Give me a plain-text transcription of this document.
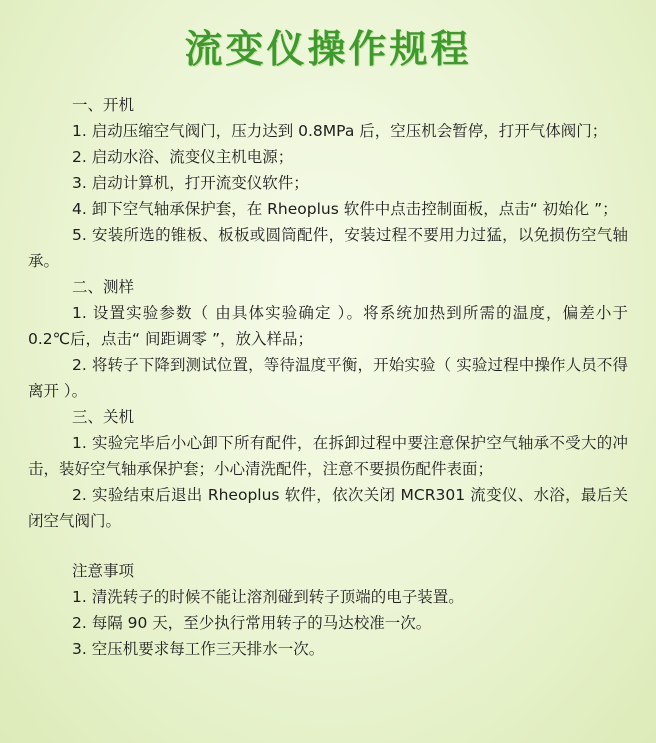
流变仪操作规程

一、开机

1. 启动压缩空气阀门，压力达到 0.8MPa 后，空压机会暂停，打开气体阀门；

2. 启动水浴、流变仪主机电源；

3. 启动计算机，打开流变仪软件；

4. 卸下空气轴承保护套，在 Rheoplus 软件中点击控制面板，点击“ 初始化 ”；

5. 安装所选的锥板、板板或圆筒配件，安装过程不要用力过猛，以免损伤空气轴承。

二、测样

1. 设置实验参数（ 由具体实验确定 ）。将系统加热到所需的温度，偏差小于 0.2℃后，点击“ 间距调零 ”，放入样品；

2. 将转子下降到测试位置，等待温度平衡，开始实验（ 实验过程中操作人员不得离开 ）。

三、关机

1. 实验完毕后小心卸下所有配件，在拆卸过程中要注意保护空气轴承不受大的冲击，装好空气轴承保护套；小心清洗配件，注意不要损伤配件表面；

2. 实验结束后退出 Rheoplus 软件，依次关闭 MCR301 流变仪、水浴，最后关闭空气阀门。

注意事项

1. 清洗转子的时候不能让溶剂碰到转子顶端的电子装置。

2. 每隔 90 天，至少执行常用转子的马达校准一次。

3. 空压机要求每工作三天排水一次。
